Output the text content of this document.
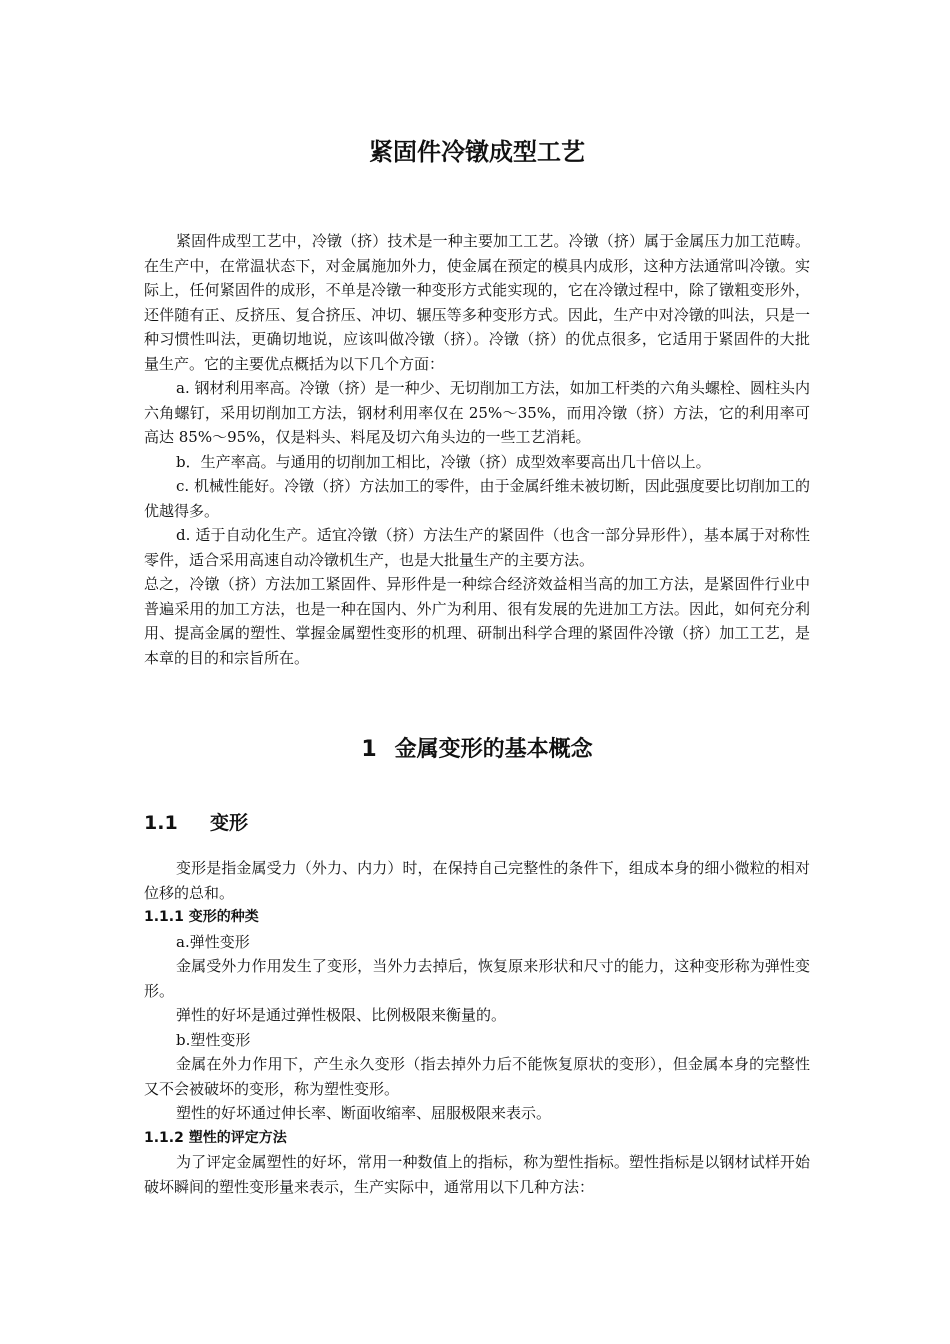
紧固件冷镦成型工艺

紧固件成型工艺中，冷镦（挤）技术是一种主要加工工艺。冷镦（挤）属于金属压力加工范畴。在生产中，在常温状态下，对金属施加外力，使金属在预定的模具内成形，这种方法通常叫冷镦。实际上，任何紧固件的成形，不单是冷镦一种变形方式能实现的，它在冷镦过程中，除了镦粗变形外，还伴随有正、反挤压、复合挤压、冲切、辗压等多种变形方式。因此，生产中对冷镦的叫法，只是一种习惯性叫法，更确切地说，应该叫做冷镦（挤）。冷镦（挤）的优点很多，它适用于紧固件的大批量生产。它的主要优点概括为以下几个方面：

a. 钢材利用率高。冷镦（挤）是一种少、无切削加工方法，如加工杆类的六角头螺栓、圆柱头内六角螺钉，采用切削加工方法，钢材利用率仅在 25%～35%，而用冷镦（挤）方法，它的利用率可高达 85%～95%，仅是料头、料尾及切六角头边的一些工艺消耗。

b．生产率高。与通用的切削加工相比，冷镦（挤）成型效率要高出几十倍以上。

c. 机械性能好。冷镦（挤）方法加工的零件，由于金属纤维未被切断，因此强度要比切削加工的优越得多。

d. 适于自动化生产。适宜冷镦（挤）方法生产的紧固件（也含一部分异形件），基本属于对称性零件，适合采用高速自动冷镦机生产，也是大批量生产的主要方法。

总之，冷镦（挤）方法加工紧固件、异形件是一种综合经济效益相当高的加工方法，是紧固件行业中普遍采用的加工方法，也是一种在国内、外广为利用、很有发展的先进加工方法。因此，如何充分利用、提高金属的塑性、掌握金属塑性变形的机理、研制出科学合理的紧固件冷镦（挤）加工工艺，是本章的目的和宗旨所在。

1 金属变形的基本概念
1.1 变形

变形是指金属受力（外力、内力）时，在保持自己完整性的条件下，组成本身的细小微粒的相对位移的总和。

1.1.1 变形的种类

a.弹性变形

金属受外力作用发生了变形，当外力去掉后，恢复原来形状和尺寸的能力，这种变形称为弹性变形。

弹性的好坏是通过弹性极限、比例极限来衡量的。

b.塑性变形

金属在外力作用下，产生永久变形（指去掉外力后不能恢复原状的变形），但金属本身的完整性又不会被破坏的变形，称为塑性变形。

塑性的好坏通过伸长率、断面收缩率、屈服极限来表示。

1.1.2 塑性的评定方法

为了评定金属塑性的好坏，常用一种数值上的指标，称为塑性指标。塑性指标是以钢材试样开始破坏瞬间的塑性变形量来表示，生产实际中，通常用以下几种方法：
